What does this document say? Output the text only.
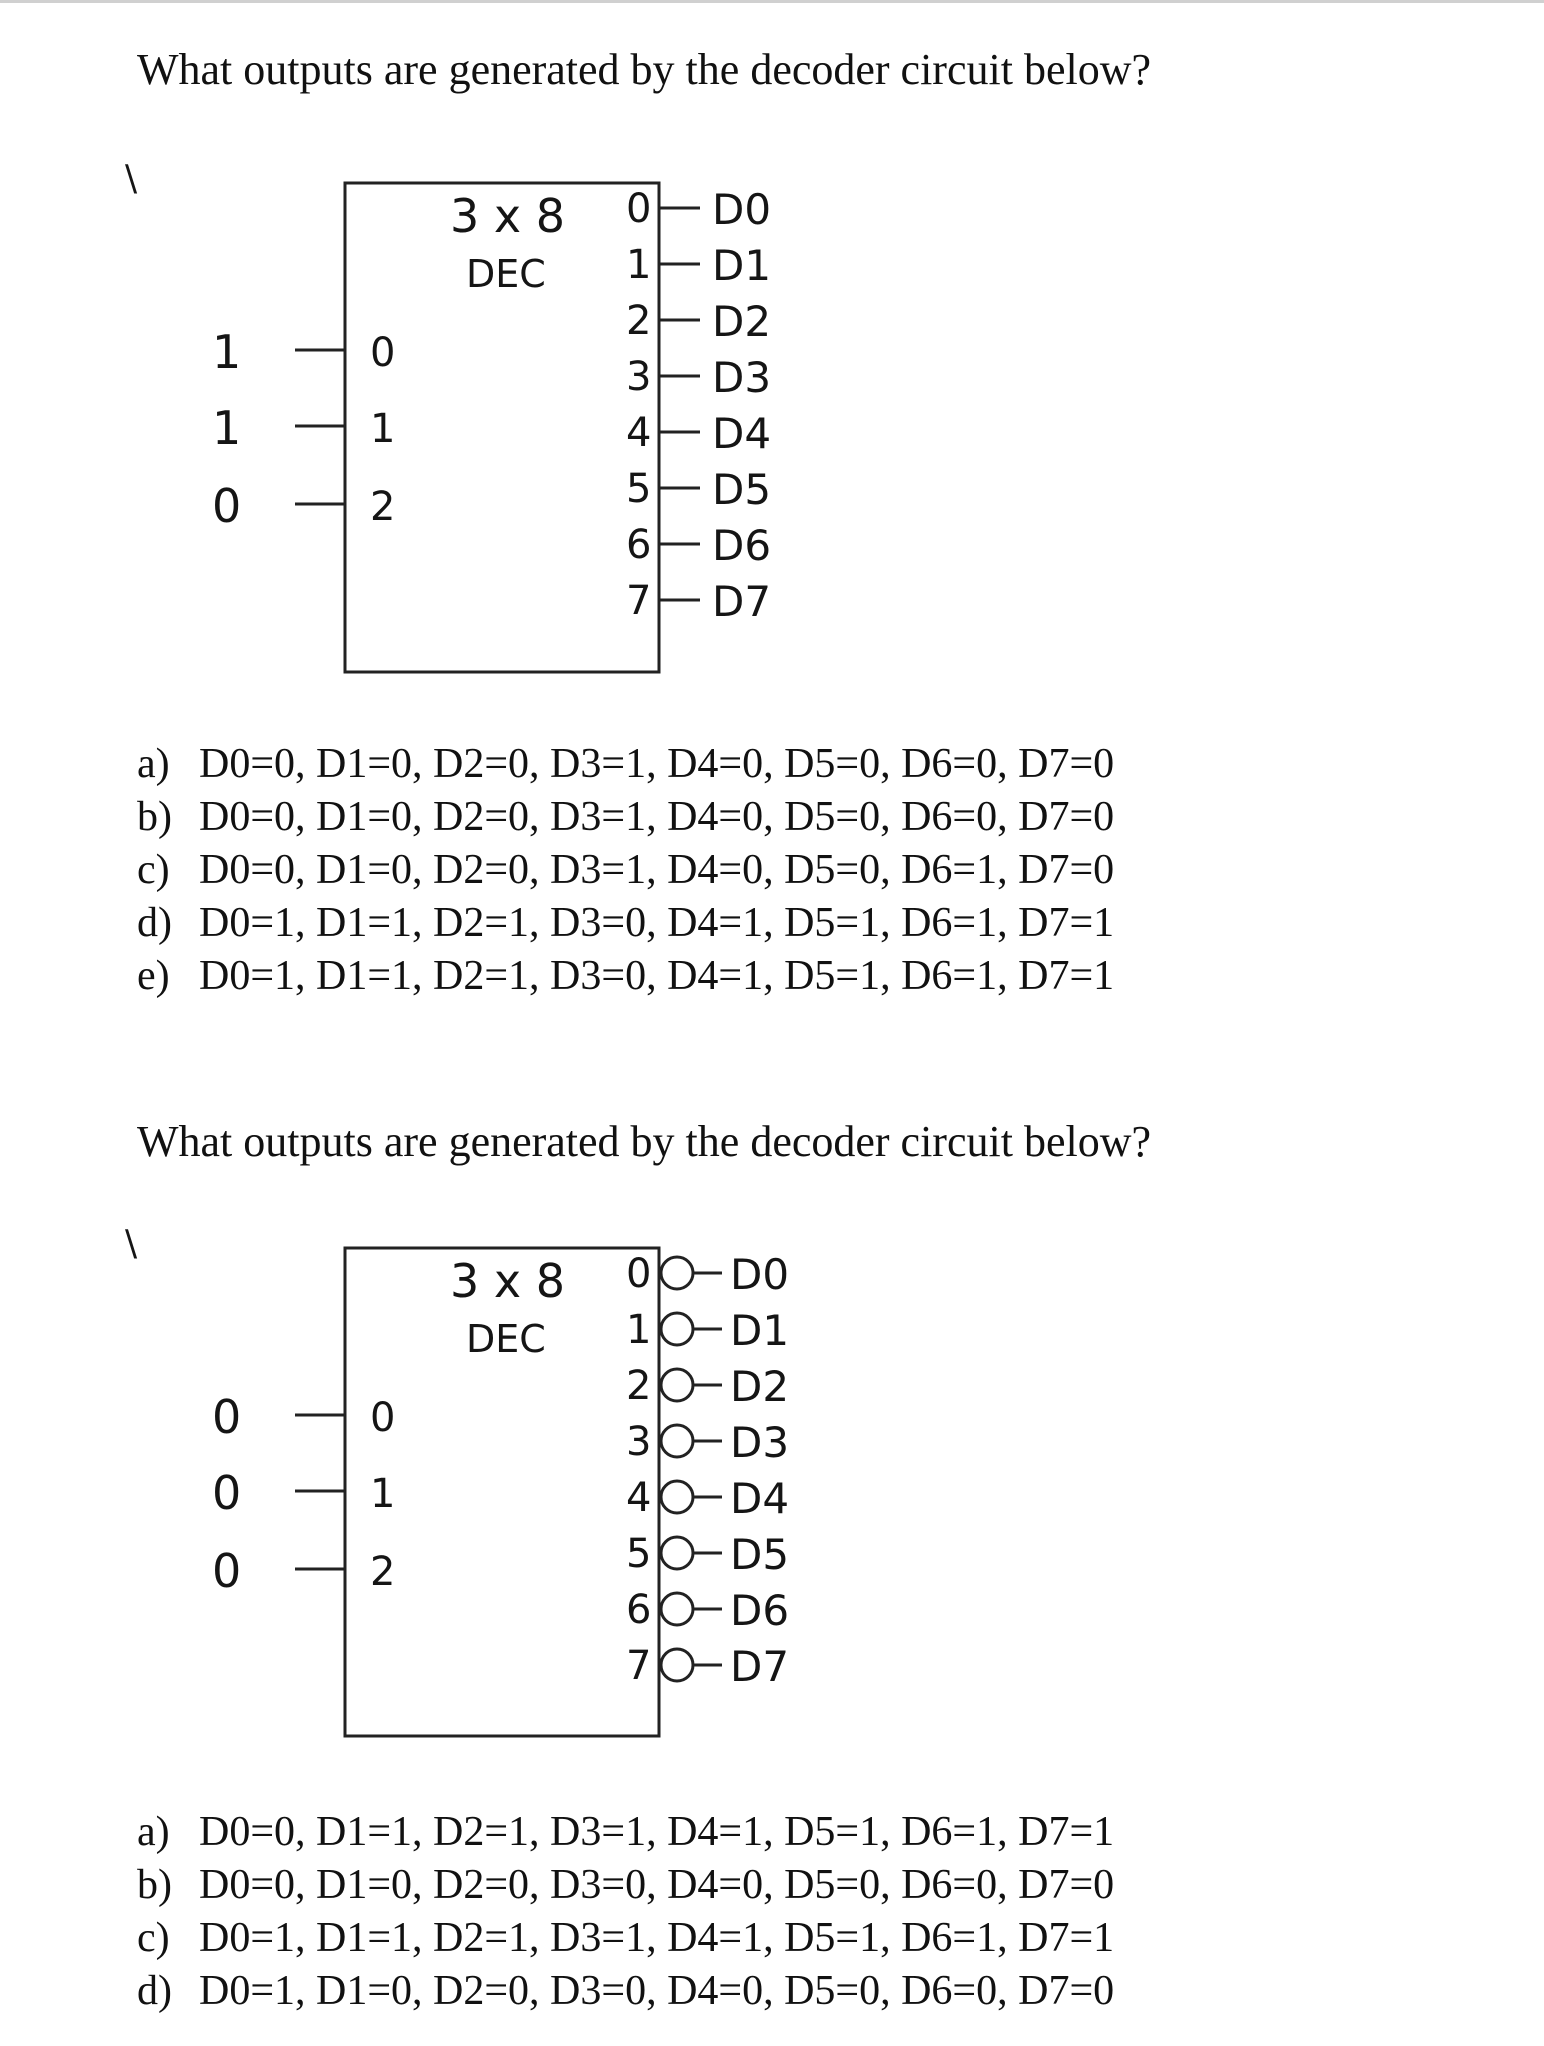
What outputs are generated by the decoder circuit below?
\
3 x 8
DEC
1	0
1	1
0	2
0 D0
1 D1
2 D2
3 D3
4 D4
5 D5
6 D6
7 D7
a) D0=0, D1=0, D2=0, D3=1, D4=0, D5=0, D6=0, D7=0
b) D0=0, D1=0, D2=0, D3=1, D4=0, D5=0, D6=0, D7=0
c) D0=0, D1=0, D2=0, D3=1, D4=0, D5=0, D6=1, D7=0
d) D0=1, D1=1, D2=1, D3=0, D4=1, D5=1, D6=1, D7=1
e) D0=1, D1=1, D2=1, D3=0, D4=1, D5=1, D6=1, D7=1
What outputs are generated by the decoder circuit below?
\
3 x 8
DEC
0	0
0	1
0	2
0 D0
1 D1
2 D2
3 D3
4 D4
5 D5
6 D6
7 D7
a) D0=0, D1=1, D2=1, D3=1, D4=1, D5=1, D6=1, D7=1
b) D0=0, D1=0, D2=0, D3=0, D4=0, D5=0, D6=0, D7=0
c) D0=1, D1=1, D2=1, D3=1, D4=1, D5=1, D6=1, D7=1
d) D0=1, D1=0, D2=0, D3=0, D4=0, D5=0, D6=0, D7=0
